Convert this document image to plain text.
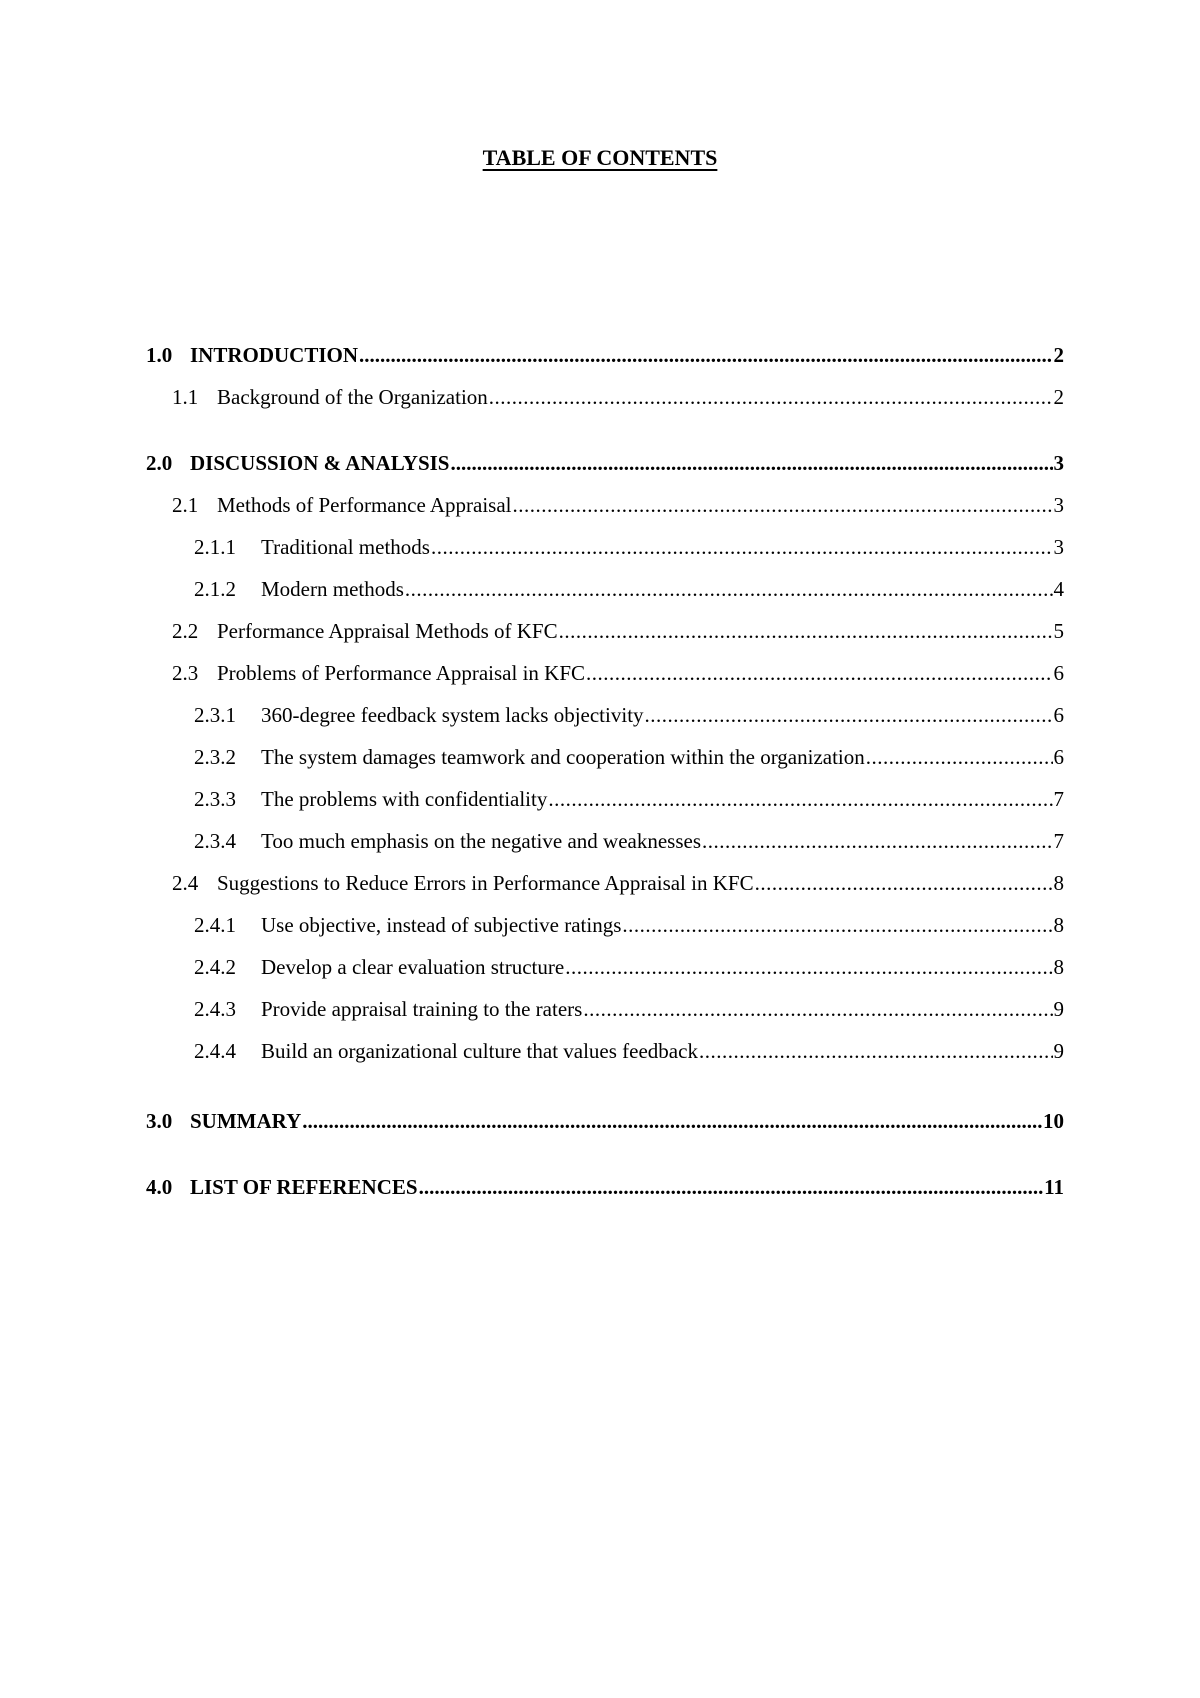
TABLE OF CONTENTS
1.0 INTRODUCTION .....	2
1.1 Background of the Organization .....	2
2.0 DISCUSSION & ANALYSIS .....	3
2.1 Methods of Performance Appraisal .....	3
2.1.1	Traditional methods .....	3
2.1.2	Modern methods .....	4
2.2 Performance Appraisal Methods of KFC .....	5
2.3 Problems of Performance Appraisal in KFC .....	6
2.3.1	360-degree feedback system lacks objectivity .....	6
2.3.2	The system damages teamwork and cooperation within the organization .....	6
2.3.3	The problems with confidentiality .....	7
2.3.4	Too much emphasis on the negative and weaknesses .....	7
2.4 Suggestions to Reduce Errors in Performance Appraisal in KFC .....	8
2.4.1	Use objective, instead of subjective ratings .....	8
2.4.2	Develop a clear evaluation structure .....	8
2.4.3	Provide appraisal training to the raters .....	9
2.4.4	Build an organizational culture that values feedback .....	9
3.0 SUMMARY .....	10
4.0 LIST OF REFERENCES .....	11
